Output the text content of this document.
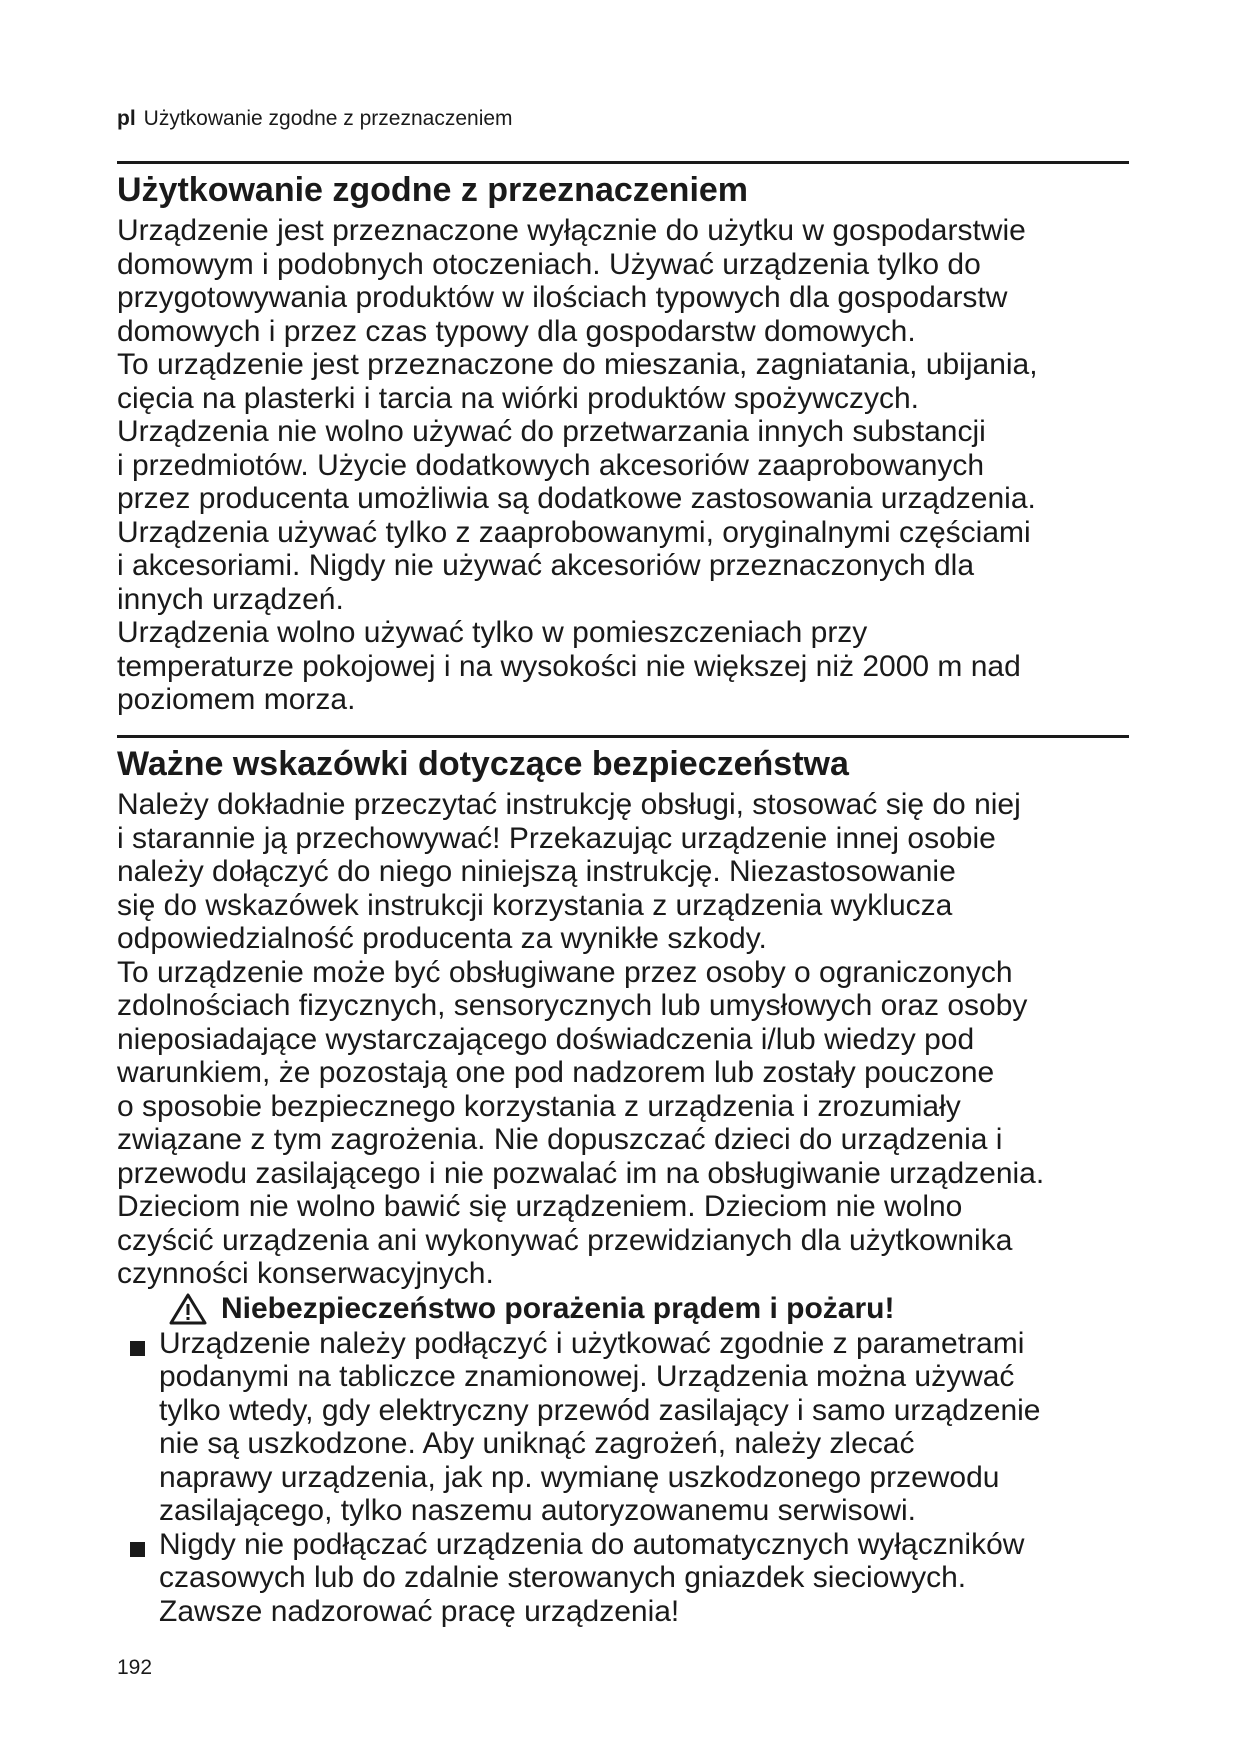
pl Użytkowanie zgodne z przeznaczeniem
Użytkowanie zgodne z przeznaczeniem

Urządzenie jest przeznaczone wyłącznie do użytku w gospodarstwie

domowym i podobnych otoczeniach. Używać urządzenia tylko do

przygotowywania produktów w ilościach typowych dla gospodarstw

domowych i przez czas typowy dla gospodarstw domowych.

To urządzenie jest przeznaczone do mieszania, zagniatania, ubijania,

cięcia na plasterki i tarcia na wiórki produktów spożywczych.

Urządzenia nie wolno używać do przetwarzania innych substancji

i przedmiotów. Użycie dodatkowych akcesoriów zaaprobowanych

przez producenta umożliwia są dodatkowe zastosowania urządzenia.

Urządzenia używać tylko z zaaprobowanymi, oryginalnymi częściami

i akcesoriami. Nigdy nie używać akcesoriów przeznaczonych dla

innych urządzeń.

Urządzenia wolno używać tylko w pomieszczeniach przy

temperaturze pokojowej i na wysokości nie większej niż 2000 m nad

poziomem morza.

Ważne wskazówki dotyczące bezpieczeństwa

Należy dokładnie przeczytać instrukcję obsługi, stosować się do niej

i starannie ją przechowywać! Przekazując urządzenie innej osobie

należy dołączyć do niego niniejszą instrukcję. Niezastosowanie

się do wskazówek instrukcji korzystania z urządzenia wyklucza

odpowiedzialność producenta za wynikłe szkody.

To urządzenie może być obsługiwane przez osoby o ograniczonych

zdolnościach fizycznych, sensorycznych lub umysłowych oraz osoby

nieposiadające wystarczającego doświadczenia i/lub wiedzy pod

warunkiem, że pozostają one pod nadzorem lub zostały pouczone

o sposobie bezpiecznego korzystania z urządzenia i zrozumiały

związane z tym zagrożenia. Nie dopuszczać dzieci do urządzenia i

przewodu zasilającego i nie pozwalać im na obsługiwanie urządzenia.

Dzieciom nie wolno bawić się urządzeniem. Dzieciom nie wolno

czyścić urządzenia ani wykonywać przewidzianych dla użytkownika

czynności konserwacyjnych.

Niebezpieczeństwo porażenia prądem i pożaru!

Urządzenie należy podłączyć i użytkować zgodnie z parametrami

podanymi na tabliczce znamionowej. Urządzenia można używać

tylko wtedy, gdy elektryczny przewód zasilający i samo urządzenie

nie są uszkodzone. Aby uniknąć zagrożeń, należy zlecać

naprawy urządzenia, jak np. wymianę uszkodzonego przewodu

zasilającego, tylko naszemu autoryzowanemu serwisowi.

Nigdy nie podłączać urządzenia do automatycznych wyłączników

czasowych lub do zdalnie sterowanych gniazdek sieciowych.

Zawsze nadzorować pracę urządzenia!

192
